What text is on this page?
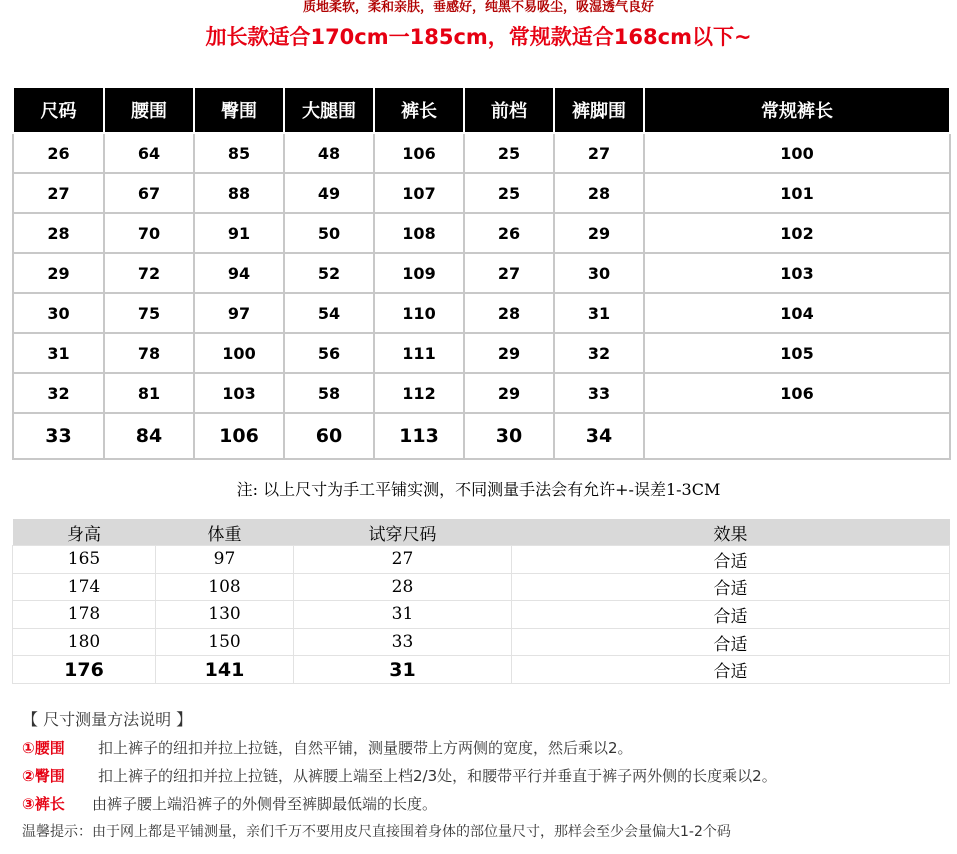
质地柔软，柔和亲肤，垂感好，纯黑不易吸尘，吸湿透气良好
加长款适合170cm一185cm，常规款适合168cm以下~
尺码	腰围	臀围	大腿围	裤长	前档	裤脚围	常规裤长
26	64	85	48	106	25	27	100
27	67	88	49	107	25	28	101
28	70	91	50	108	26	29	102
29	72	94	52	109	27	30	103
30	75	97	54	110	28	31	104
31	78	100	56	111	29	32	105
32	81	103	58	112	29	33	106
33	84	106	60	113	30	34	
注: 以上尺寸为手工平铺实测，不同测量手法会有允许+-误差1-3CM
身高	体重	试穿尺码	效果
165	97	27	合适
174	108	28	合适
178	130	31	合适
180	150	33	合适
176	141	31	合适
【 尺寸测量方法说明 】
①腰围 扣上裤子的纽扣并拉上拉链，自然平铺，测量腰带上方两侧的宽度，然后乘以2。
②臀围 扣上裤子的纽扣并拉上拉链，从裤腰上端至上档2/3处，和腰带平行并垂直于裤子两外侧的长度乘以2。
③裤长 由裤子腰上端沿裤子的外侧骨至裤脚最低端的长度。
温馨提示：由于网上都是平铺测量，亲们千万不要用皮尺直接围着身体的部位量尺寸，那样会至少会量偏大1-2个码
